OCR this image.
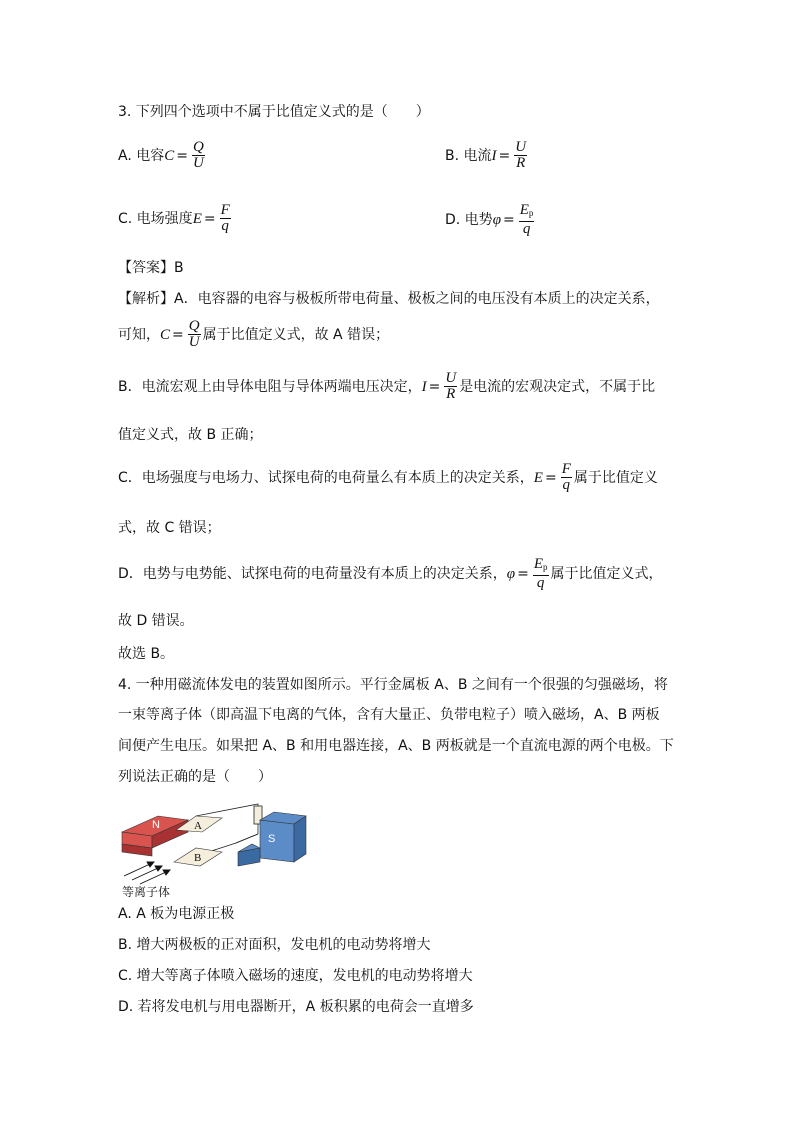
3. 下列四个选项中不属于比值定义式的是（　　）
A. 电容 $C = \frac{Q}{U}$	B. 电流 $I = \frac{U}{R}$
C. 电场强度 $E = \frac{F}{q}$	D. 电势 $\varphi = \frac{E_p}{q}$
【答案】B
【解析】A．电容器的电容与极板所带电荷量、极板之间的电压没有本质上的决定关系，
可知， $C = \frac{Q}{U}$ 属于比值定义式，故 A 错误；
B．电流宏观上由导体电阻与导体两端电压决定， $I = \frac{U}{R}$ 是电流的宏观决定式，不属于比
值定义式，故 B 正确；
C．电场强度与电场力、试探电荷的电荷量么有本质上的决定关系， $E = \frac{F}{q}$ 属于比值定义
式，故 C 错误；
D．电势与电势能、试探电荷的电荷量没有本质上的决定关系， $\varphi = \frac{E_p}{q}$ 属于比值定义式，
故 D 错误。
故选 B。
4. 一种用磁流体发电的装置如图所示。平行金属板 A、B 之间有一个很强的匀强磁场，将
一束等离子体（即高温下电离的气体，含有大量正、负带电粒子）喷入磁场，A、B 两板
间便产生电压。如果把 A、B 和用电器连接，A、B 两板就是一个直流电源的两个电极。下
列说法正确的是（　　）
N	A
B
S
等离子体
A. A 板为电源正极
B. 增大两极板的正对面积，发电机的电动势将增大
C. 增大等离子体喷入磁场的速度，发电机的电动势将增大
D. 若将发电机与用电器断开，A 板积累的电荷会一直增多
